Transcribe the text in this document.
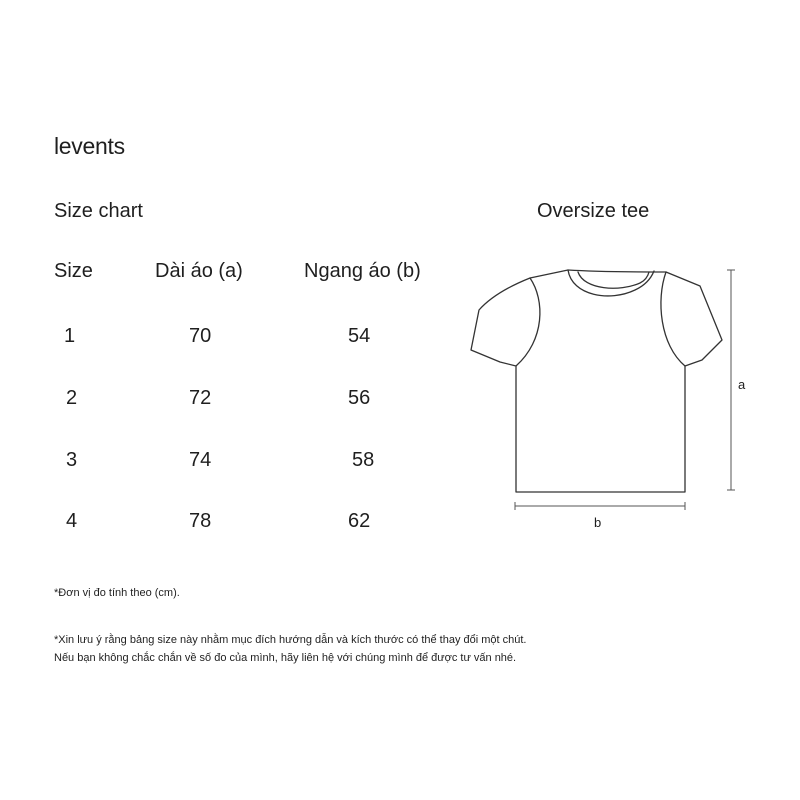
levents
Size chart
Size	Dài áo (a)	Ngang áo (b)
1	70	54
2	72	56
3	74	58
4	78	62
Oversize tee
a
b
*Đơn vị đo tính theo (cm).
*Xin lưu ý rằng bảng size này nhằm mục đích hướng dẫn và kích thước có thể thay đổi một chút.
Nếu bạn không chắc chắn về số đo của mình, hãy liên hệ với chúng mình để được tư vấn nhé.
